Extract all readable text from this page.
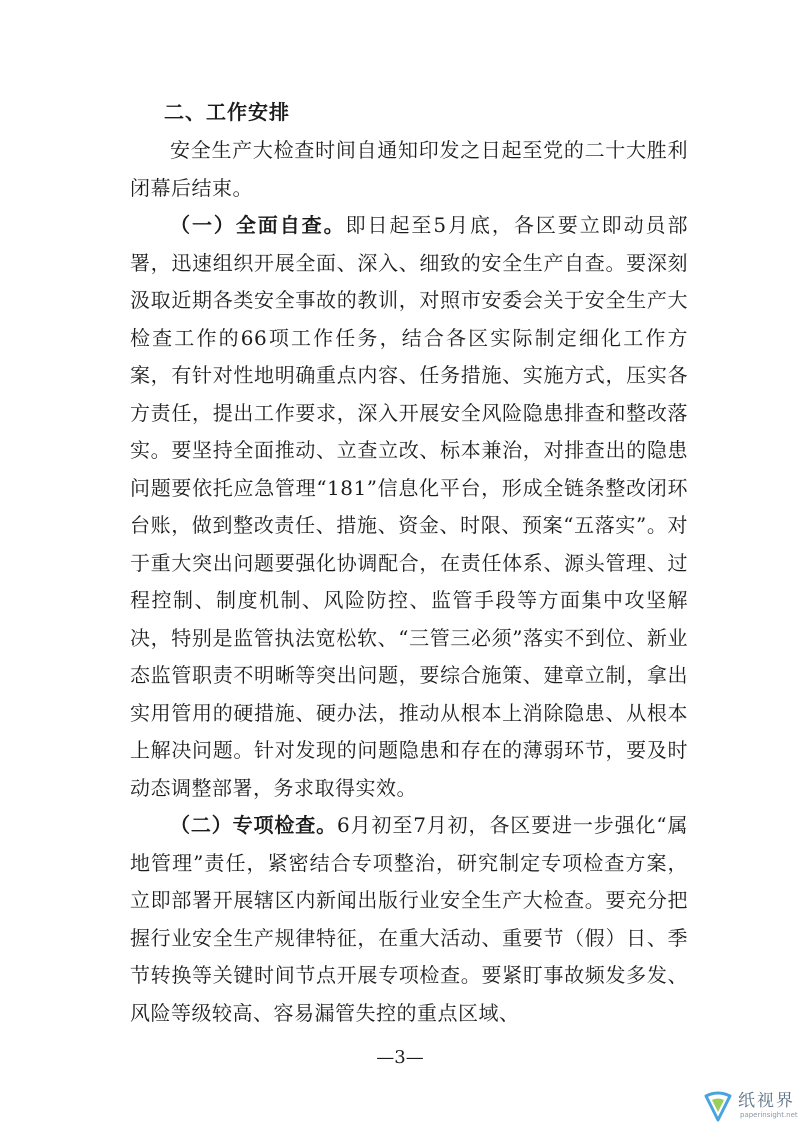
二、工作安排

安全生产大检查时间自通知印发之日起至党的二十大胜利闭幕后结束。

（一）全面自查。即日起至5月底，各区要立即动员部署，迅速组织开展全面、深入、细致的安全生产自查。要深刻汲取近期各类安全事故的教训，对照市安委会关于安全生产大检查工作的66项工作任务，结合各区实际制定细化工作方案，有针对性地明确重点内容、任务措施、实施方式，压实各方责任，提出工作要求，深入开展安全风险隐患排查和整改落实。要坚持全面推动、立查立改、标本兼治，对排查出的隐患问题要依托应急管理“181”信息化平台，形成全链条整改闭环台账，做到整改责任、措施、资金、时限、预案“五落实”。对于重大突出问题要强化协调配合，在责任体系、源头管理、过程控制、制度机制、风险防控、监管手段等方面集中攻坚解决，特别是监管执法宽松软、“三管三必须”落实不到位、新业态监管职责不明晰等突出问题，要综合施策、建章立制，拿出实用管用的硬措施、硬办法，推动从根本上消除隐患、从根本上解决问题。针对发现的问题隐患和存在的薄弱环节，要及时动态调整部署，务求取得实效。

（二）专项检查。6月初至7月初，各区要进一步强化“属地管理”责任，紧密结合专项整治，研究制定专项检查方案，立即部署开展辖区内新闻出版行业安全生产大检查。要充分把握行业安全生产规律特征，在重大活动、重要节（假）日、季节转换等关键时间节点开展专项检查。要紧盯事故频发多发、风险等级较高、容易漏管失控的重点区域、

—3—
纸视界
paperinsight.net
